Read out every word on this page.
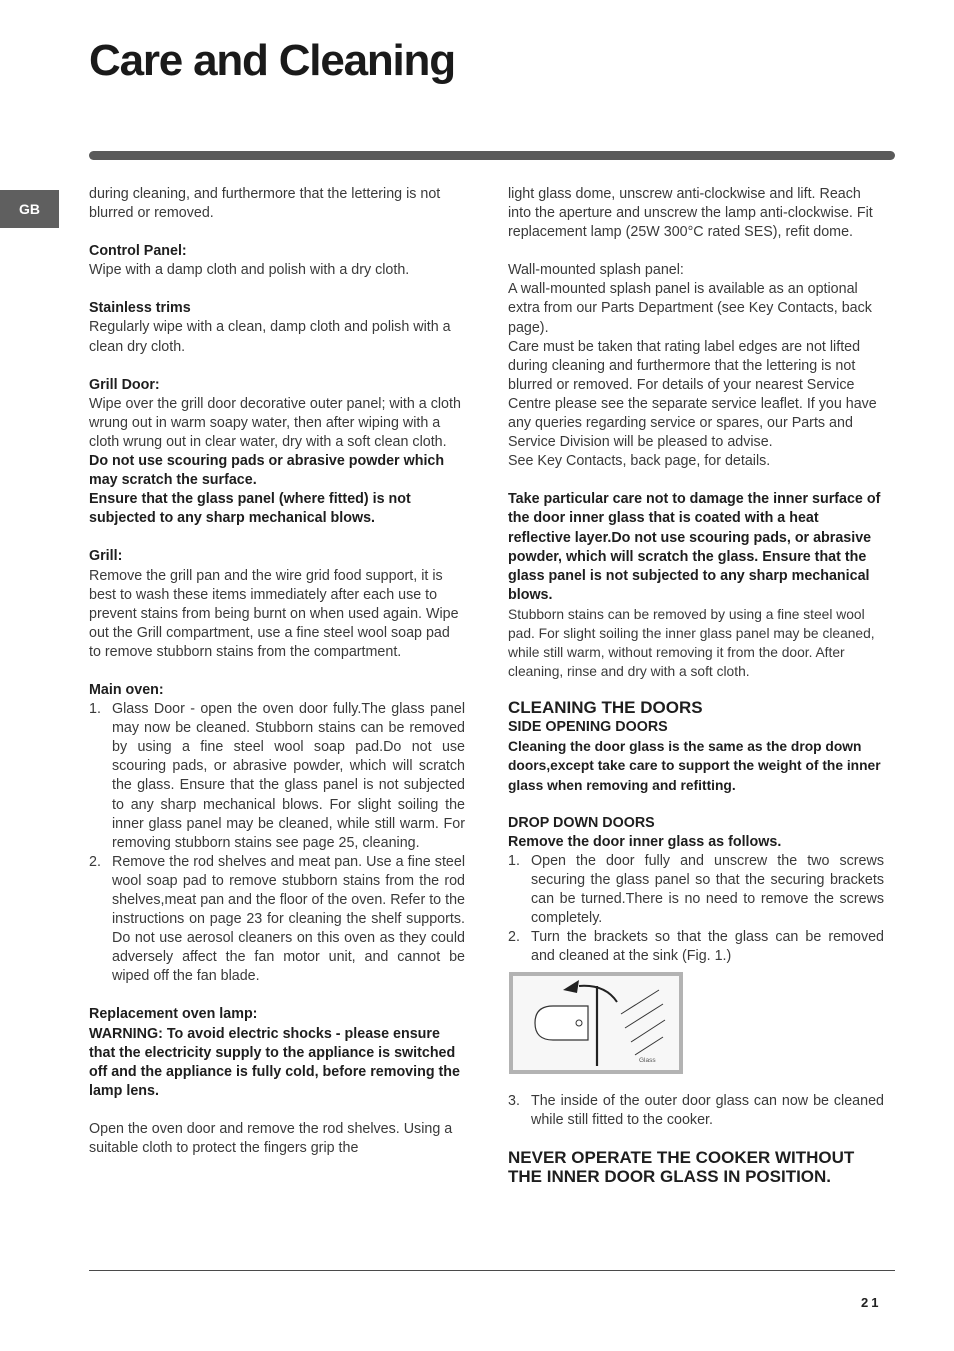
Care and Cleaning
GB

during cleaning, and furthermore that the lettering is not blurred or removed.

Control Panel:

Wipe with a damp cloth and polish with a dry cloth.

Stainless trims

Regularly wipe with a clean, damp cloth and polish with a clean dry cloth.

Grill Door:

Wipe over the grill door decorative outer panel; with a cloth wrung out in warm soapy water, then after wiping with a cloth wrung out in clear water, dry with a soft clean cloth.

Do not use scouring pads or abrasive powder which may scratch the surface.

Ensure that the glass panel (where fitted) is not subjected to any sharp mechanical blows.

Grill:

Remove the grill pan and the wire grid food support, it is best to wash these items immediately after each use to prevent stains from being burnt on when used again. Wipe out the Grill compartment, use a fine steel wool soap pad to remove stubborn stains from the compartment.

Main oven:

1. Glass Door - open the oven door fully.The glass panel may now be cleaned. Stubborn stains can be removed by using a fine steel wool soap pad.Do not use scouring pads, or abrasive powder, which will scratch the glass. Ensure that the glass panel is not subjected to any sharp mechanical blows. For slight soiling the inner glass panel may be cleaned, while still warm. For removing stubborn stains see page 25, cleaning.
2. Remove the rod shelves and meat pan. Use a fine steel wool soap pad to remove stubborn stains from the rod shelves,meat pan and the floor of the oven. Refer to the instructions on page 23 for cleaning the shelf supports. Do not use aerosol cleaners on this oven as they could adversely affect the fan motor unit, and cannot be wiped off the fan blade.

Replacement oven lamp:

WARNING: To avoid electric shocks - please ensure that the electricity supply to the appliance is switched off and the appliance is fully cold, before removing the lamp lens.

Open the oven door and remove the rod shelves. Using a suitable cloth to protect the fingers grip the

light glass dome, unscrew anti-clockwise and lift. Reach into the aperture and unscrew the lamp anti-clockwise. Fit replacement lamp (25W 300°C rated SES), refit dome.

Wall-mounted splash panel:

A wall-mounted splash panel is available as an optional extra from our Parts Department (see Key Contacts, back page).

Care must be taken that rating label edges are not lifted during cleaning and furthermore that the lettering is not blurred or removed. For details of your nearest Service Centre please see the separate service leaflet. If you have any queries regarding service or spares, our Parts and Service Division will be pleased to advise.

See Key Contacts, back page, for details.

Take particular care not to damage the inner surface of the door inner glass that is coated with a heat reflective layer.Do not use scouring pads, or abrasive powder, which will scratch the glass. Ensure that the glass panel is not subjected to any sharp mechanical blows.

Stubborn stains can be removed by using a fine steel wool pad. For slight soiling the inner glass panel may be cleaned, while still warm, without removing it from the door. After cleaning, rinse and dry with a soft cloth.

CLEANING THE DOORS

SIDE OPENING DOORS

Cleaning the door glass is the same as the drop down doors,except take care to support the weight of the inner glass when removing and refitting.

DROP DOWN DOORS

Remove the door inner glass as follows.

1. Open the door fully and unscrew the two screws securing the glass panel so that the securing brackets can be turned.There is no need to remove the screws completely.
2. Turn the brackets so that the glass can be removed and cleaned at the sink (Fig. 1.)
Glass
3. The inside of the outer door glass can now be cleaned while still fitted to the cooker.

NEVER OPERATE THE COOKER WITHOUT THE INNER DOOR GLASS IN POSITION.

21
